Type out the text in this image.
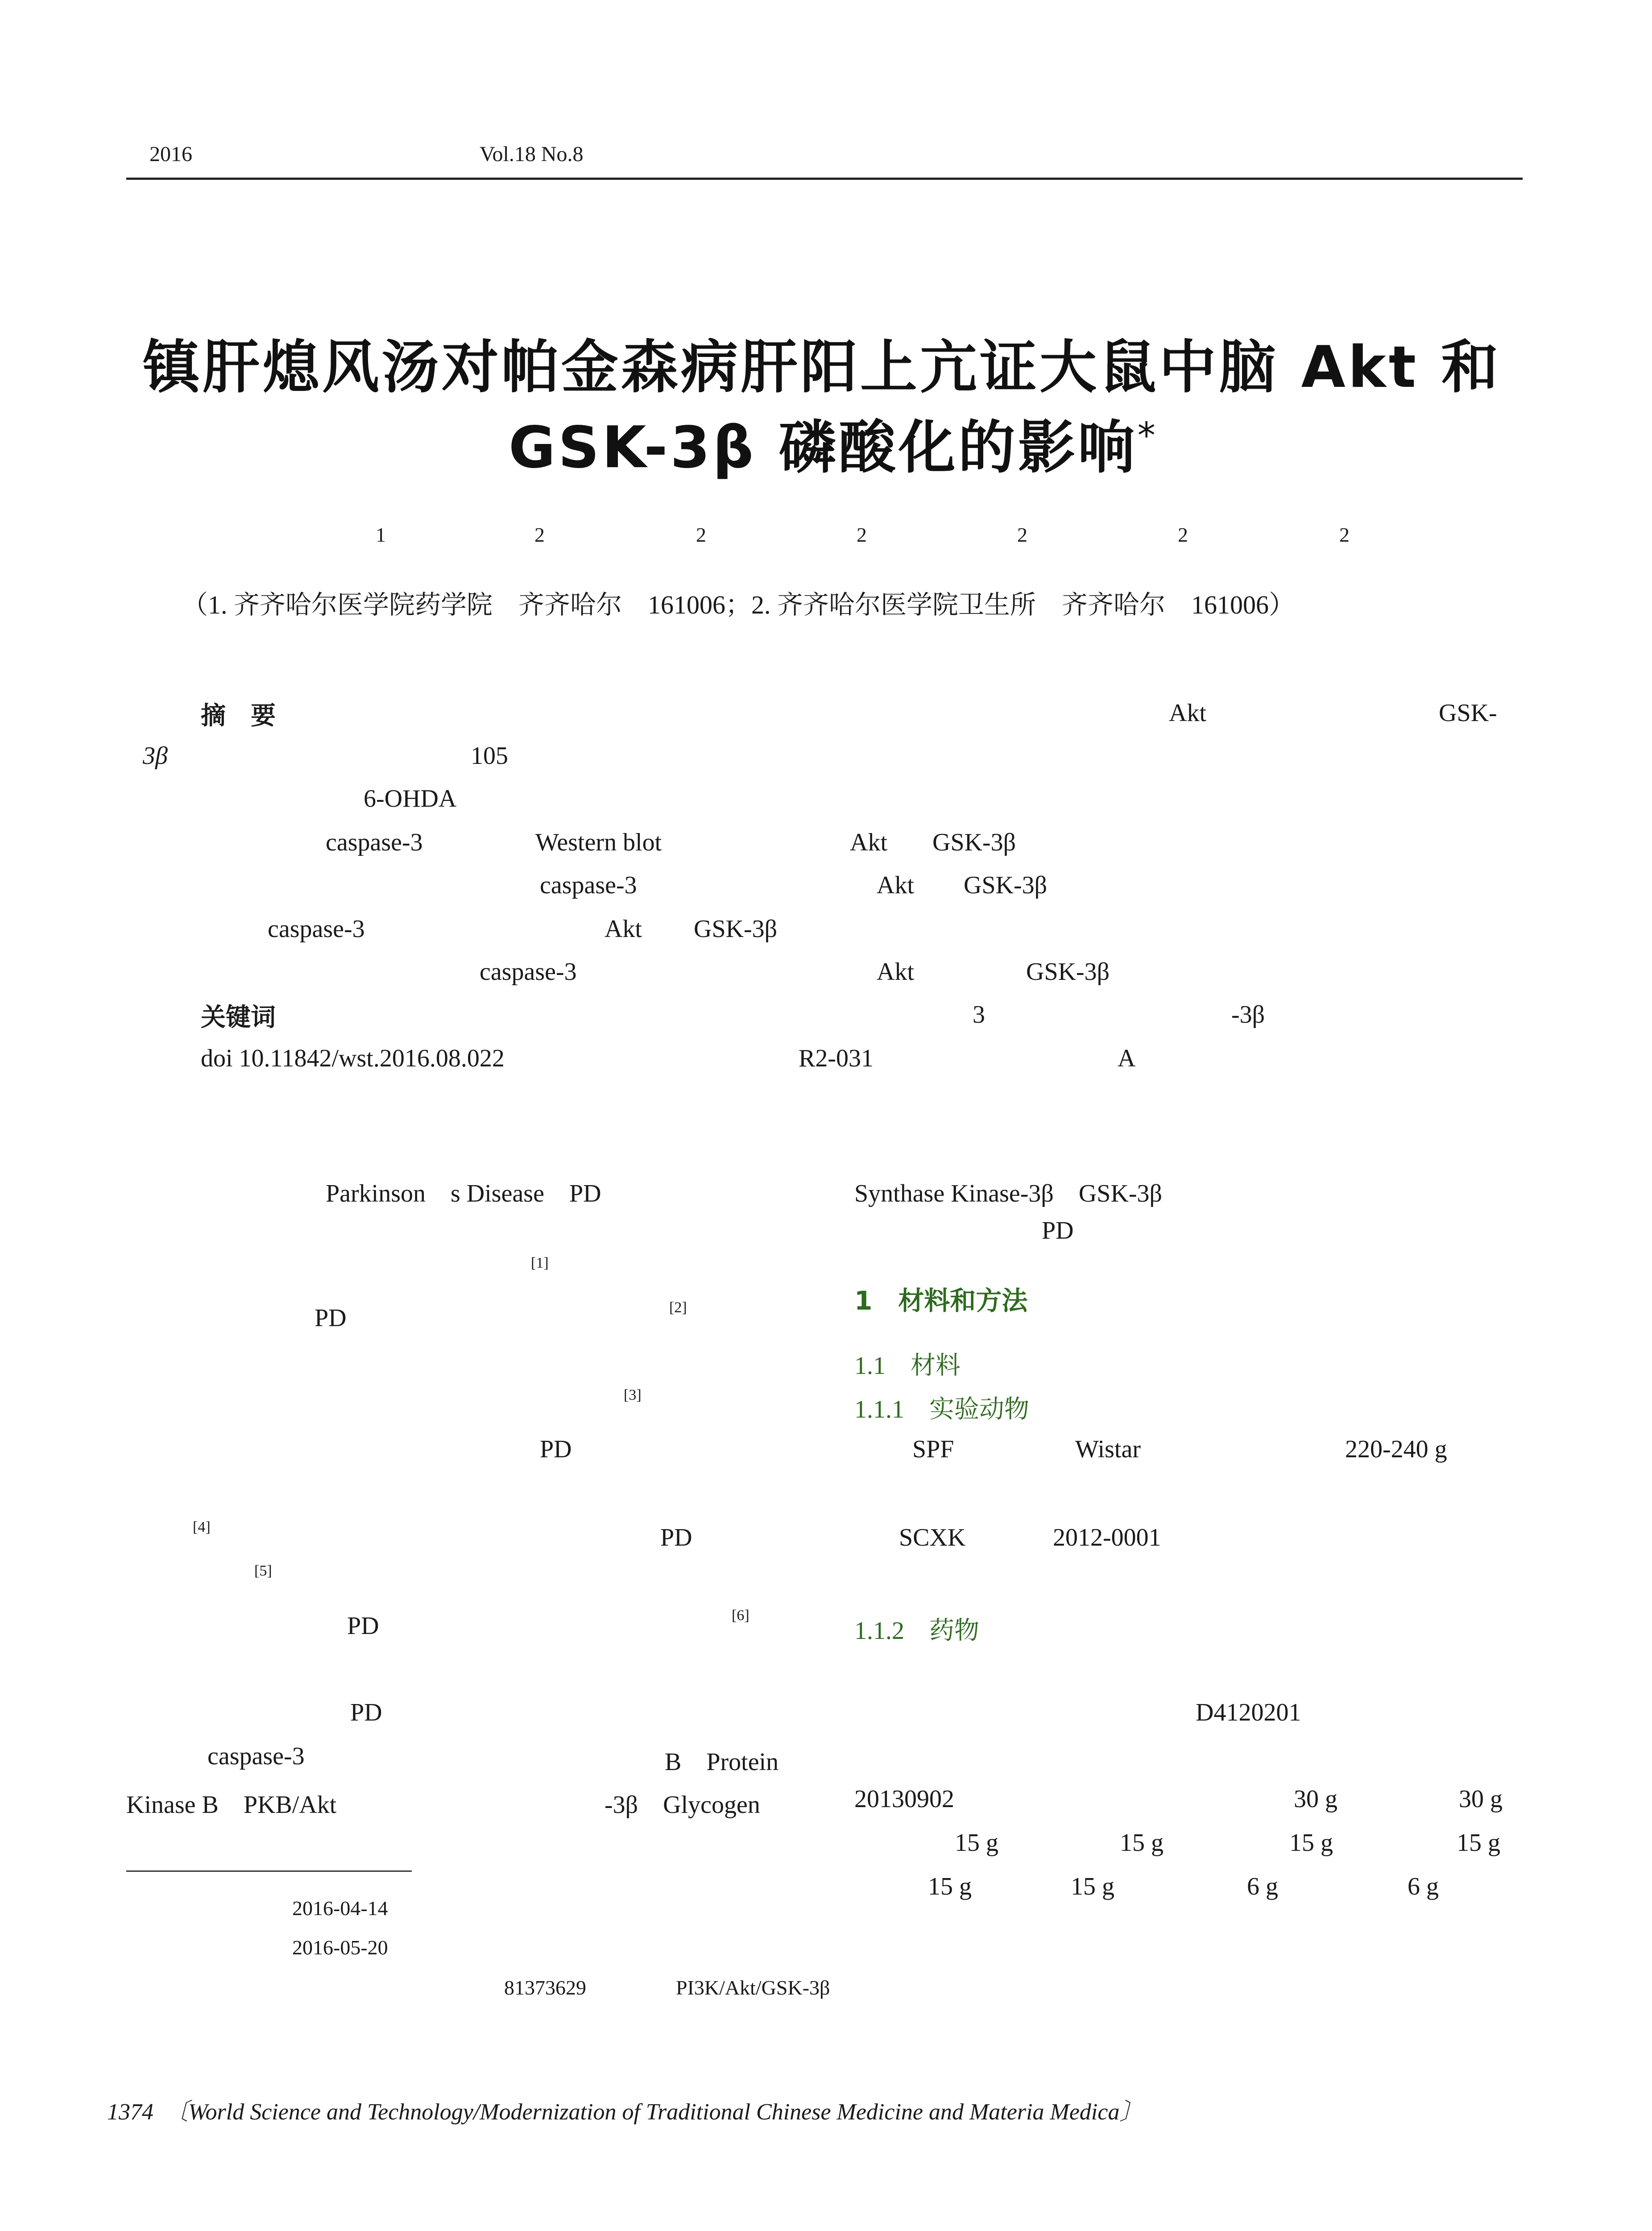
2016	Vol.18 No.8
镇肝熄风汤对帕金森病肝阳上亢证大鼠中脑 Akt 和
GSK-3β 磷酸化的影响*
1	2	2	2	2	2	2
（1. 齐齐哈尔医学院药学院　齐齐哈尔　161006；2. 齐齐哈尔医学院卫生所　齐齐哈尔　161006）
摘　要	Akt	GSK-
3β	105
6-OHDA
caspase-3	Western blot	Akt GSK-3β
caspase-3	Akt GSK-3β
caspase-3	Akt GSK-3β
caspase-3	Akt	GSK-3β
关键词	3	-3β
doi 10.11842/wst.2016.08.022	R2-031	A
Parkinson　s Disease　PD
[1]
PD	[2]
[3]
PD
[4]	PD
[5]
PD	[6]
PD
caspase-3	B　Protein
Kinase B　PKB/Akt	-3β　Glycogen
2016-04-14
2016-05-20
81373629	PI3K/Akt/GSK-3β
Synthase Kinase-3β　GSK-3β
PD
1　材料和方法
1.1　材料
1.1.1　实验动物
SPF	Wistar	220-240 g
SCXK	2012-0001
1.1.2　药物
D4120201
20130902	30 g	30 g
15 g	15 g	15 g	15 g
15 g	15 g	6 g	6 g
1374　〔World Science and Technology/Modernization of Traditional Chinese Medicine and Materia Medica〕
